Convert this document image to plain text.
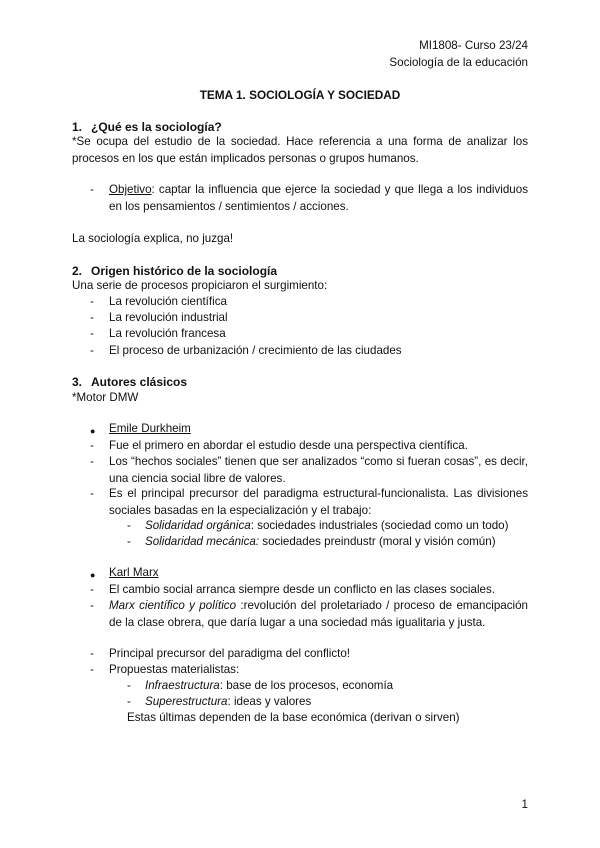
MI1808- Curso 23/24
Sociología de la educación
TEMA 1. SOCIOLOGÍA Y SOCIEDAD
1. ¿Qué es la sociología?

*Se ocupa del estudio de la sociedad. Hace referencia a una forma de analizar los procesos en los que están implicados personas o grupos humanos.

- Objetivo: captar la influencia que ejerce la sociedad y que llega a los individuos en los pensamientos / sentimientos / acciones.

La sociología explica, no juzga!

2. Origen histórico de la sociología

Una serie de procesos propiciaron el surgimiento:

- La revolución científica

- La revolución industrial

- La revolución francesa

- El proceso de urbanización / crecimiento de las ciudades

3. Autores clásicos

*Motor DMW

● Emile Durkheim

- Fue el primero en abordar el estudio desde una perspectiva científica.

- Los “hechos sociales” tienen que ser analizados “como si fueran cosas”, es decir, una ciencia social libre de valores.

- Es el principal precursor del paradigma estructural-funcionalista. Las divisiones sociales basadas en la especialización y el trabajo:

- Solidaridad orgánica: sociedades industriales (sociedad como un todo)

- Solidaridad mecánica: sociedades preindustr (moral y visión común)

● Karl Marx

- El cambio social arranca siempre desde un conflicto en las clases sociales.

- Marx científico y político :revolución del proletariado / proceso de emancipación de la clase obrera, que daría lugar a una sociedad más igualitaria y justa.

- Principal precursor del paradigma del conflicto!

- Propuestas materialistas:

- Infraestructura: base de los procesos, economía

- Superestructura: ideas y valores

Estas últimas dependen de la base económica (derivan o sirven)

1
